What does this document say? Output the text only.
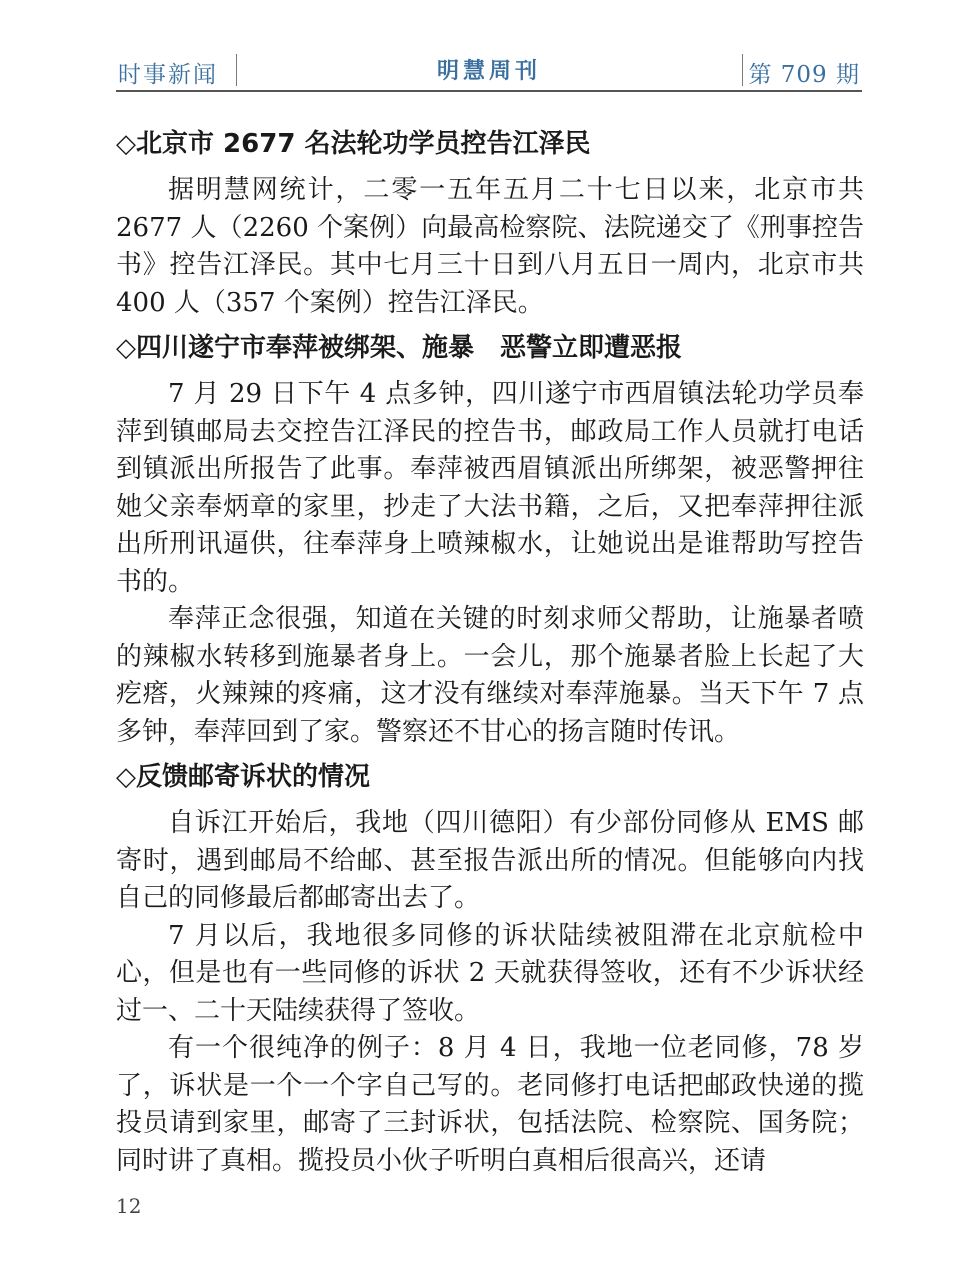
时事新闻	明慧周刊	第 709 期
◇北京市 2677 名法轮功学员控告江泽民

据明慧网统计，二零一五年五月二十七日以来，北京市共 2677 人（2260 个案例）向最高检察院、法院递交了《刑事控告书》控告江泽民。其中七月三十日到八月五日一周内，北京市共 400 人（357 个案例）控告江泽民。

◇四川遂宁市奉萍被绑架、施暴　恶警立即遭恶报

7 月 29 日下午 4 点多钟，四川遂宁市西眉镇法轮功学员奉萍到镇邮局去交控告江泽民的控告书，邮政局工作人员就打电话到镇派出所报告了此事。奉萍被西眉镇派出所绑架，被恶警押往她父亲奉炳章的家里，抄走了大法书籍，之后，又把奉萍押往派出所刑讯逼供，往奉萍身上喷辣椒水，让她说出是谁帮助写控告书的。

奉萍正念很强，知道在关键的时刻求师父帮助，让施暴者喷的辣椒水转移到施暴者身上。一会儿，那个施暴者脸上长起了大疙瘩，火辣辣的疼痛，这才没有继续对奉萍施暴。当天下午 7 点多钟，奉萍回到了家。警察还不甘心的扬言随时传讯。

◇反馈邮寄诉状的情况

自诉江开始后，我地（四川德阳）有少部份同修从 EMS 邮寄时，遇到邮局不给邮、甚至报告派出所的情况。但能够向内找自己的同修最后都邮寄出去了。

7 月以后，我地很多同修的诉状陆续被阻滞在北京航检中心，但是也有一些同修的诉状 2 天就获得签收，还有不少诉状经过一、二十天陆续获得了签收。

有一个很纯净的例子：8 月 4 日，我地一位老同修，78 岁了，诉状是一个一个字自己写的。老同修打电话把邮政快递的揽投员请到家里，邮寄了三封诉状，包括法院、检察院、国务院；同时讲了真相。揽投员小伙子听明白真相后很高兴，还请

12
